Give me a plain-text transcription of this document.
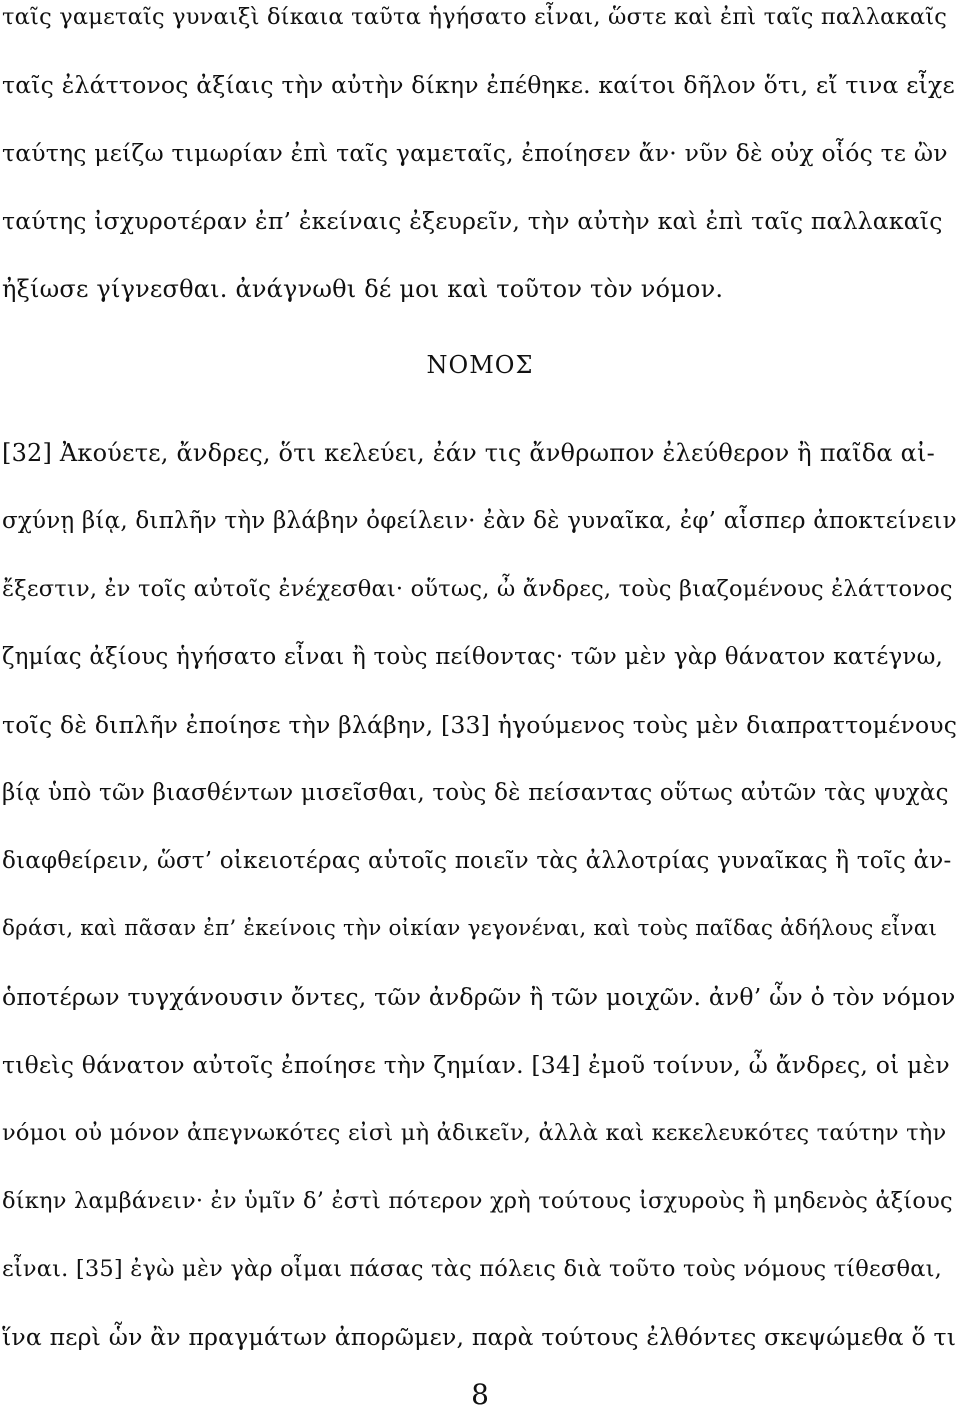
ταῖς γαμεταῖς γυναιξὶ δίκαια ταῦτα ἡγήσατο εἶναι, ὥστε καὶ ἐπὶ ταῖς παλλακαῖς
ταῖς ἐλάττονος ἀξίαις τὴν αὐτὴν δίκην ἐπέθηκε. καίτοι δῆλον ὅτι, εἴ τινα εἶχε
ταύτης μείζω τιμωρίαν ἐπὶ ταῖς γαμεταῖς, ἐποίησεν ἄν· νῦν δὲ οὐχ οἷός τε ὢν
ταύτης ἰσχυροτέραν ἐπ’ ἐκείναις ἐξευρεῖν, τὴν αὐτὴν καὶ ἐπὶ ταῖς παλλακαῖς
ἠξίωσε γίγνεσθαι. ἀνάγνωθι δέ μοι καὶ τοῦτον τὸν νόμον.
ΝΟΜΟΣ
[32] Ἀκούετε, ἄνδρες, ὅτι κελεύει, ἐάν τις ἄνθρωπον ἐλεύθερον ἢ παῖδα αἰ-
σχύνῃ βίᾳ, διπλῆν τὴν βλάβην ὀφείλειν· ἐὰν δὲ γυναῖκα, ἐφ’ αἷσπερ ἀποκτείνειν
ἔξεστιν, ἐν τοῖς αὐτοῖς ἐνέχεσθαι· οὕτως, ὦ ἄνδρες, τοὺς βιαζομένους ἐλάττονος
ζημίας ἀξίους ἡγήσατο εἶναι ἢ τοὺς πείθοντας· τῶν μὲν γὰρ θάνατον κατέγνω,
τοῖς δὲ διπλῆν ἐποίησε τὴν βλάβην, [33] ἡγούμενος τοὺς μὲν διαπραττομένους
βίᾳ ὑπὸ τῶν βιασθέντων μισεῖσθαι, τοὺς δὲ πείσαντας οὕτως αὐτῶν τὰς ψυχὰς
διαφθείρειν, ὥστ’ οἰκειοτέρας αὑτοῖς ποιεῖν τὰς ἀλλοτρίας γυναῖκας ἢ τοῖς ἀν-
δράσι, καὶ πᾶσαν ἐπ’ ἐκείνοις τὴν οἰκίαν γεγονέναι, καὶ τοὺς παῖδας ἀδήλους εἶναι
ὁποτέρων τυγχάνουσιν ὄντες, τῶν ἀνδρῶν ἢ τῶν μοιχῶν. ἀνθ’ ὧν ὁ τὸν νόμον
τιθεὶς θάνατον αὐτοῖς ἐποίησε τὴν ζημίαν. [34] ἐμοῦ τοίνυν, ὦ ἄνδρες, οἱ μὲν
νόμοι οὐ μόνον ἀπεγνωκότες εἰσὶ μὴ ἀδικεῖν, ἀλλὰ καὶ κεκελευκότες ταύτην τὴν
δίκην λαμβάνειν· ἐν ὑμῖν δ’ ἐστὶ πότερον χρὴ τούτους ἰσχυροὺς ἢ μηδενὸς ἀξίους
εἶναι. [35] ἐγὼ μὲν γὰρ οἶμαι πάσας τὰς πόλεις διὰ τοῦτο τοὺς νόμους τίθεσθαι,
ἵνα περὶ ὧν ἂν πραγμάτων ἀπορῶμεν, παρὰ τούτους ἐλθόντες σκεψώμεθα ὅ τι
8
